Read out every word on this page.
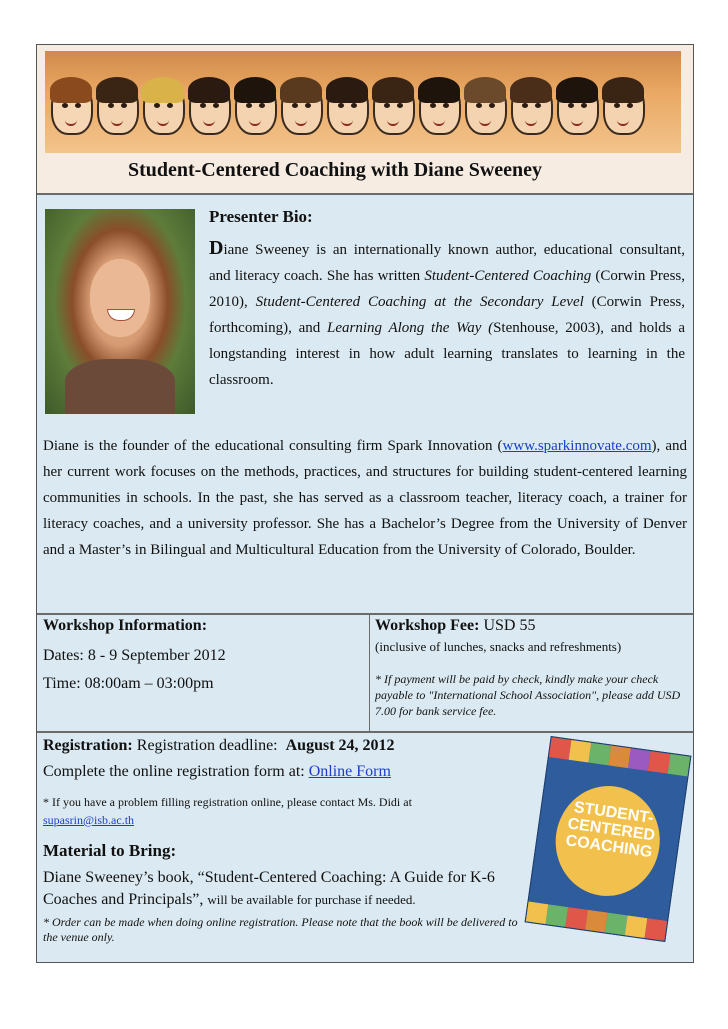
Student-Centered Coaching with Diane Sweeney
Presenter Bio:
Diane Sweeney is an internationally known author, educational consultant, and literacy coach. She has written Student-Centered Coaching (Corwin Press, 2010), Student-Centered Coaching at the Secondary Level (Corwin Press, forthcoming), and Learning Along the Way (Stenhouse, 2003), and holds a longstanding interest in how adult learning translates to learning in the classroom.
Diane is the founder of the educational consulting firm Spark Innovation (www.sparkinnovate.com), and her current work focuses on the methods, practices, and structures for building student-centered learning communities in schools. In the past, she has served as a classroom teacher, literacy coach, a trainer for literacy coaches, and a university professor. She has a Bachelor’s Degree from the University of Denver and a Master’s in Bilingual and Multicultural Education from the University of Colorado, Boulder.
Workshop Information:
Dates: 8 - 9 September 2012
Time: 08:00am – 03:00pm
Workshop Fee: USD 55
(inclusive of lunches, snacks and refreshments)
* If payment will be paid by check, kindly make your check payable to "International School Association", please add USD 7.00 for bank service fee.
Registration: Registration deadline: August 24, 2012
Complete the online registration form at: Online Form
* If you have a problem filling registration online, please contact Ms. Didi at
supasrin@isb.ac.th
Material to Bring:
Diane Sweeney’s book, “Student-Centered Coaching: A Guide for K-6 Coaches and Principals”, will be available for purchase if needed.
* Order can be made when doing online registration. Please note that the book will be delivered to the venue only.
STUDENT-CENTERED COACHING
